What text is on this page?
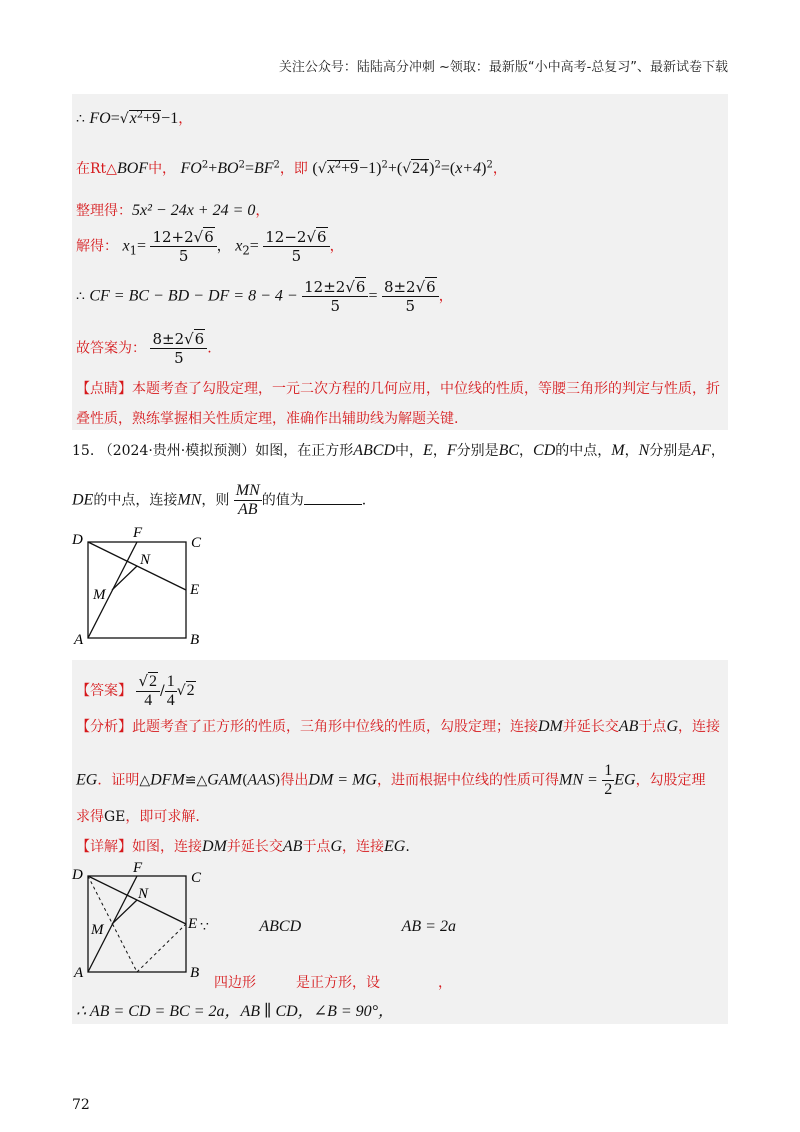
关注公众号：陆陆高分冲刺 ~领取：最新版“小中高考-总复习”、最新试卷下载
∴ $FO=√x^2+9-1$，
在Rt△BOF中， $FO^2+BO^2=BF^2$，即 $(√x^2+9-1)^2+(√24)^2=(x+4)^2$，
整理得：5x² − 24x + 24 = 0，
解得： $x_1= \frac{12+2√6}{5}$ ， $x_2= \frac{12-2√6}{5}$ ，
∴ CF = BC − BD − DF = $8 - 4 - \frac{12\pm 2√6}{5} = \frac{8\pm 2√6}{5}$ ，
故答案为： $\frac{8\pm 2√6}{5}$ .
【点睛】本题考查了勾股定理，一元二次方程的几何应用，中位线的性质，等腰三角形的判定与性质，折
叠性质，熟练掌握相关性质定理，准确作出辅助线为解题关键.
15. （2024·贵州·模拟预测）如图，在正方形ABCD中，E，F分别是BC，CD的中点，M，N分别是AF，
DE的中点，连接MN，则 $\frac{MN}{AB}$ 的值为	.
D	F
C
N
M	E
A	B
【答案】 $\frac{√2}{4} / \frac{1}{4} √2$
【分析】此题考查了正方形的性质，三角形中位线的性质，勾股定理；连接DM并延长交AB于点G，连接
EG．证明△DFM≌△GAM(AAS)得出DM = MG，进而根据中位线的性质可得MN = $\frac{1}{2}$ EG，勾股定理
求得GE，即可求解.
【详解】如图，连接DM并延长交AB于点G，连接EG.
D	F
C
N
M	E
A	B
∵	ABCD	AB = 2a
四边形	是正方形，设	，
∴ AB = CD = BC = 2a，AB ∥ CD，∠B = 90°，
72
